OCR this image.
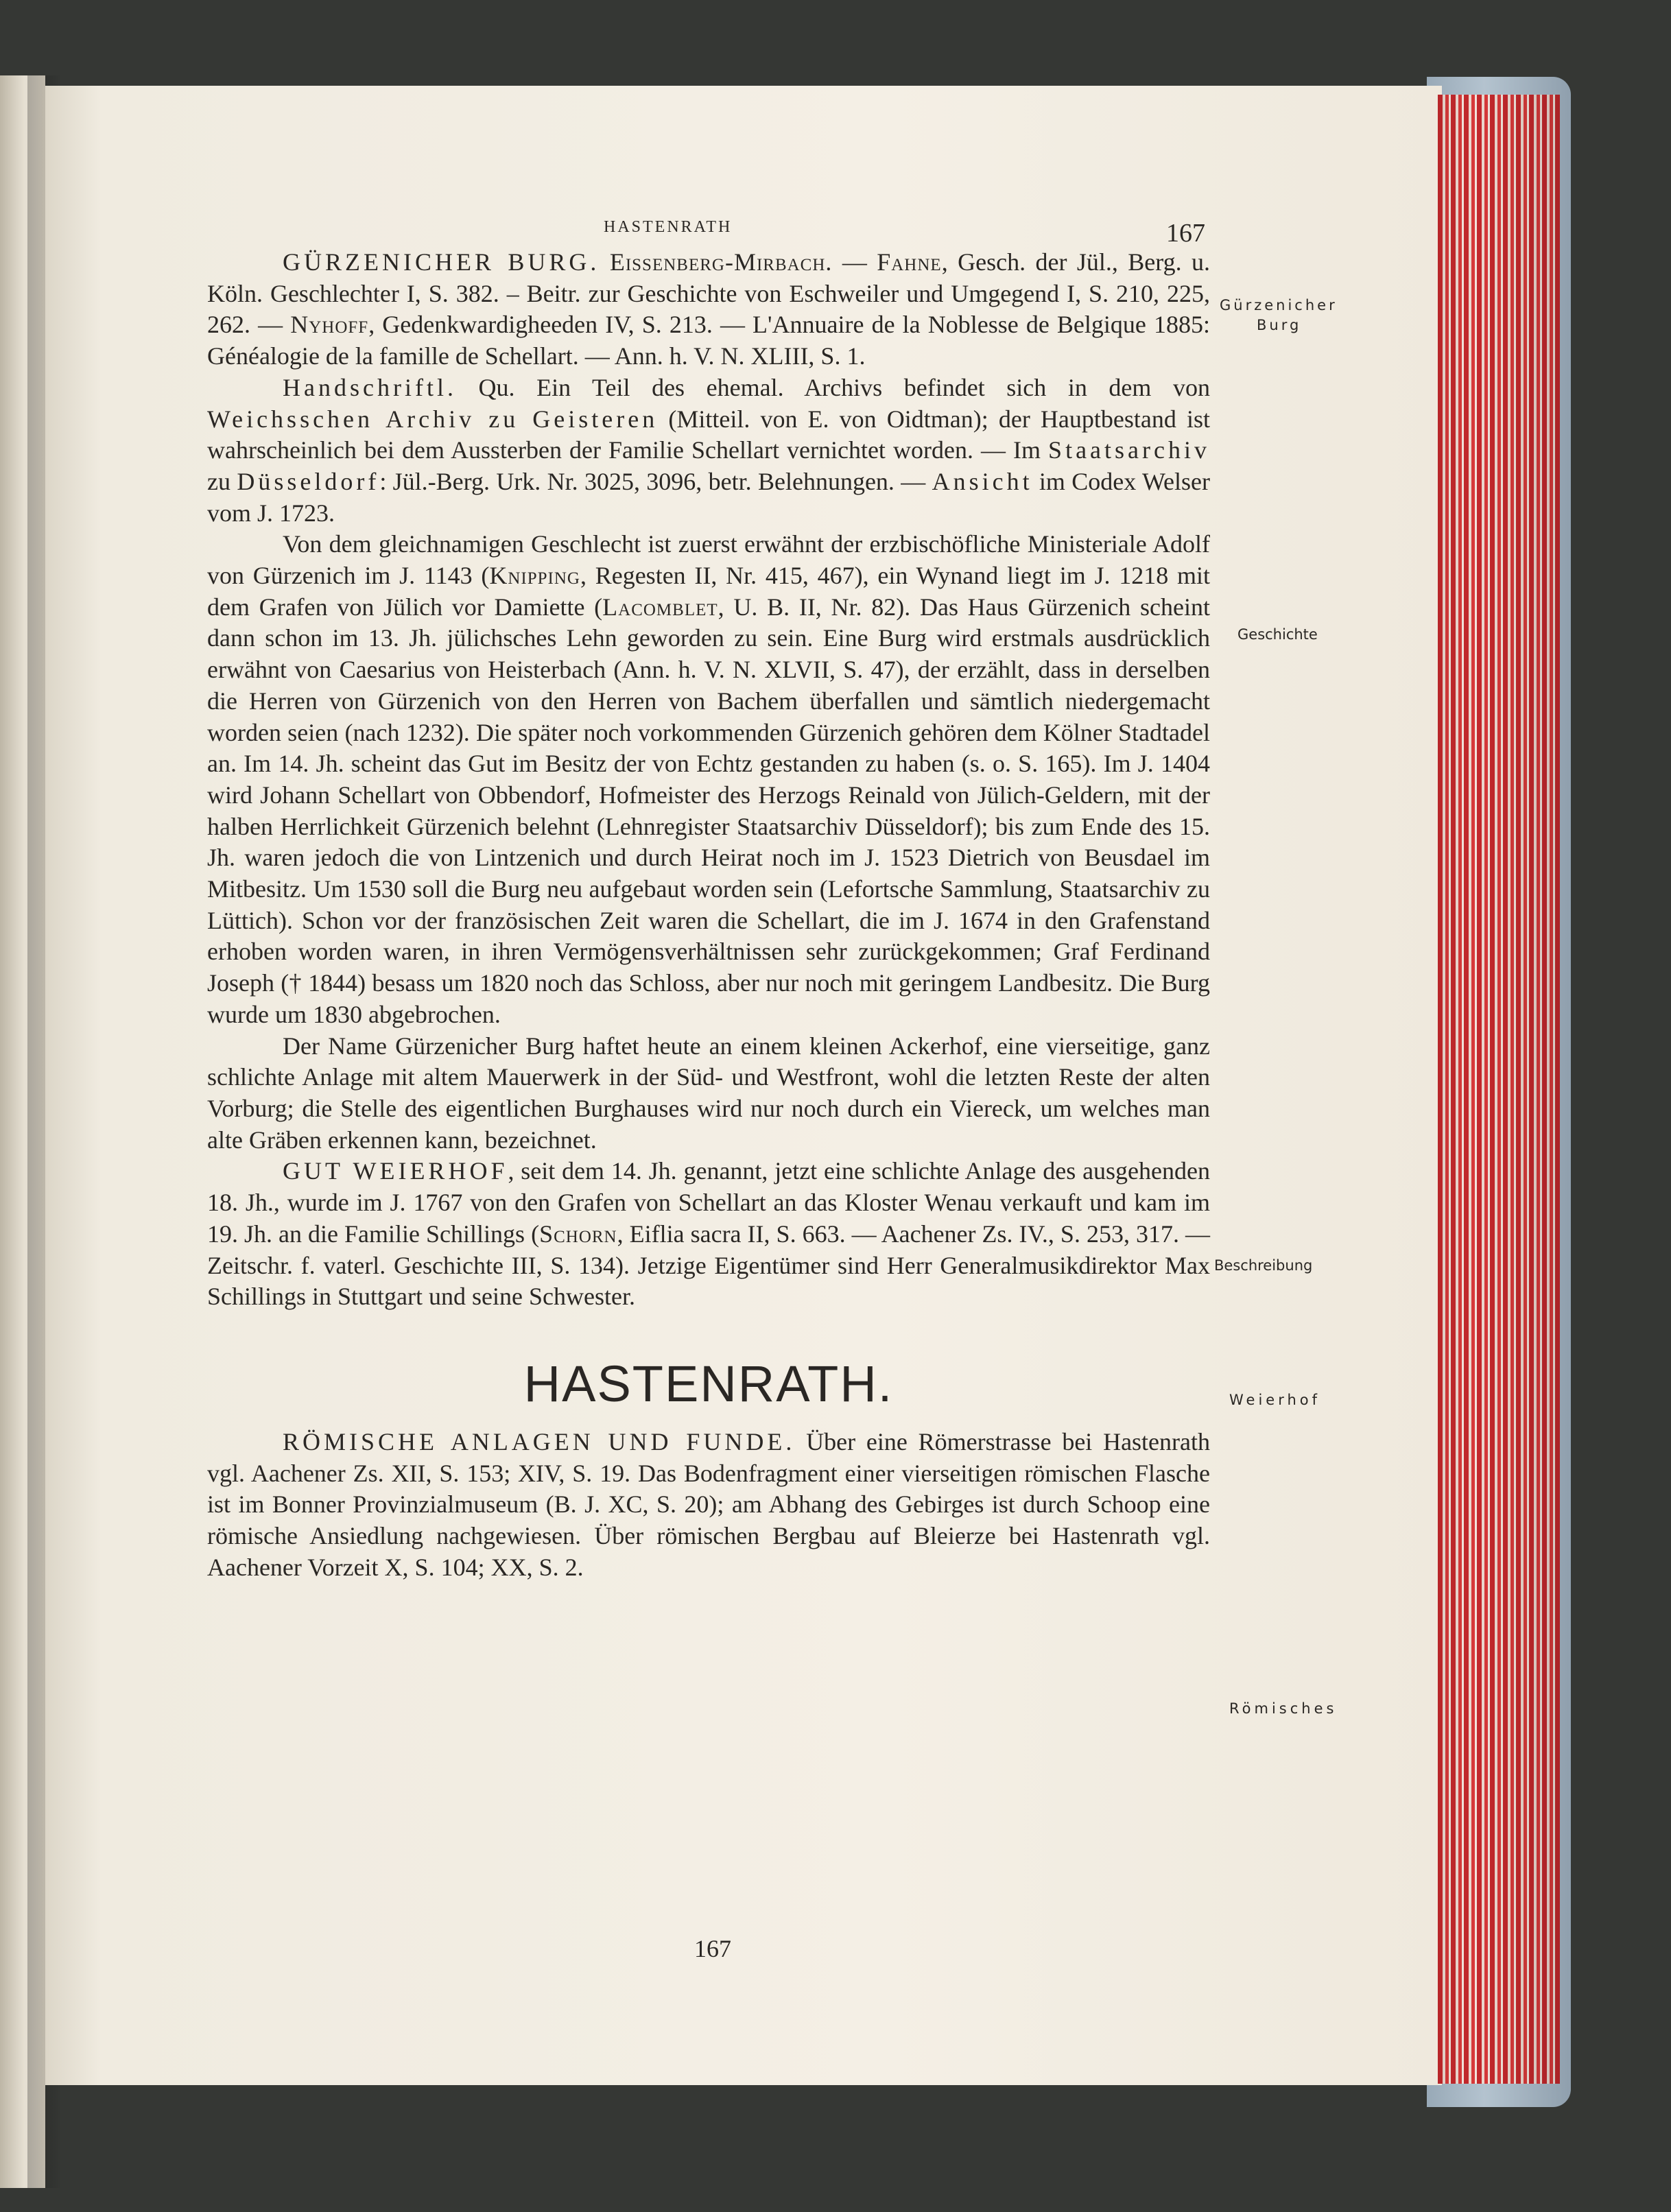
HASTENRATH	167

GÜRZENICHER BURG. Eissenberg-Mirbach. — Fahne, Gesch. der Jül., Berg. u. Köln. Geschlechter I, S. 382. – Beitr. zur Geschichte von Eschweiler und Umgegend I, S. 210, 225, 262. — Nyhoff, Gedenkwardigheeden IV, S. 213. — L'Annuaire de la Noblesse de Belgique 1885: Généalogie de la famille de Schellart. — Ann. h. V. N. XLIII, S. 1.

Handschriftl. Qu. Ein Teil des ehemal. Archivs befindet sich in dem von Weichsschen Archiv zu Geisteren (Mitteil. von E. von Oidtman); der Hauptbestand ist wahrscheinlich bei dem Aussterben der Familie Schellart vernichtet worden. — Im Staatsarchiv zu Düsseldorf: Jül.-Berg. Urk. Nr. 3025, 3096, betr. Belehnungen. — Ansicht im Codex Welser vom J. 1723.

Von dem gleichnamigen Geschlecht ist zuerst erwähnt der erzbischöfliche Ministeriale Adolf von Gürzenich im J. 1143 (Knipping, Regesten II, Nr. 415, 467), ein Wynand liegt im J. 1218 mit dem Grafen von Jülich vor Damiette (Lacomblet, U. B. II, Nr. 82). Das Haus Gürzenich scheint dann schon im 13. Jh. jülichsches Lehn geworden zu sein. Eine Burg wird erstmals ausdrücklich erwähnt von Caesarius von Heisterbach (Ann. h. V. N. XLVII, S. 47), der erzählt, dass in derselben die Herren von Gürzenich von den Herren von Bachem überfallen und sämtlich niedergemacht worden seien (nach 1232). Die später noch vorkommenden Gürzenich gehören dem Kölner Stadtadel an. Im 14. Jh. scheint das Gut im Besitz der von Echtz gestanden zu haben (s. o. S. 165). Im J. 1404 wird Johann Schellart von Obbendorf, Hofmeister des Herzogs Reinald von Jülich-Geldern, mit der halben Herrlichkeit Gürzenich belehnt (Lehnregister Staatsarchiv Düsseldorf); bis zum Ende des 15. Jh. waren jedoch die von Lintzenich und durch Heirat noch im J. 1523 Dietrich von Beusdael im Mitbesitz. Um 1530 soll die Burg neu aufgebaut worden sein (Lefortsche Sammlung, Staatsarchiv zu Lüttich). Schon vor der französischen Zeit waren die Schellart, die im J. 1674 in den Grafenstand erhoben worden waren, in ihren Vermögensverhältnissen sehr zurückgekommen; Graf Ferdinand Joseph († 1844) besass um 1820 noch das Schloss, aber nur noch mit geringem Landbesitz. Die Burg wurde um 1830 abgebrochen.

Der Name Gürzenicher Burg haftet heute an einem kleinen Ackerhof, eine vierseitige, ganz schlichte Anlage mit altem Mauerwerk in der Süd- und Westfront, wohl die letzten Reste der alten Vorburg; die Stelle des eigentlichen Burghauses wird nur noch durch ein Viereck, um welches man alte Gräben erkennen kann, bezeichnet.

GUT WEIERHOF, seit dem 14. Jh. genannt, jetzt eine schlichte Anlage des ausgehenden 18. Jh., wurde im J. 1767 von den Grafen von Schellart an das Kloster Wenau verkauft und kam im 19. Jh. an die Familie Schillings (Schorn, Eiflia sacra II, S. 663. — Aachener Zs. IV., S. 253, 317. — Zeitschr. f. vaterl. Geschichte III, S. 134). Jetzige Eigentümer sind Herr Generalmusikdirektor Max Schillings in Stuttgart und seine Schwester.

HASTENRATH.

RÖMISCHE ANLAGEN UND FUNDE. Über eine Römerstrasse bei Hastenrath vgl. Aachener Zs. XII, S. 153; XIV, S. 19. Das Bodenfragment einer vierseitigen römischen Flasche ist im Bonner Provinzialmuseum (B. J. XC, S. 20); am Abhang des Gebirges ist durch Schoop eine römische Ansiedlung nachgewiesen. Über römischen Bergbau auf Bleierze bei Hastenrath vgl. Aachener Vorzeit X, S. 104; XX, S. 2.

Gürzenicher
Burg
Geschichte
Beschreibung
Weierhof
Römisches
167
